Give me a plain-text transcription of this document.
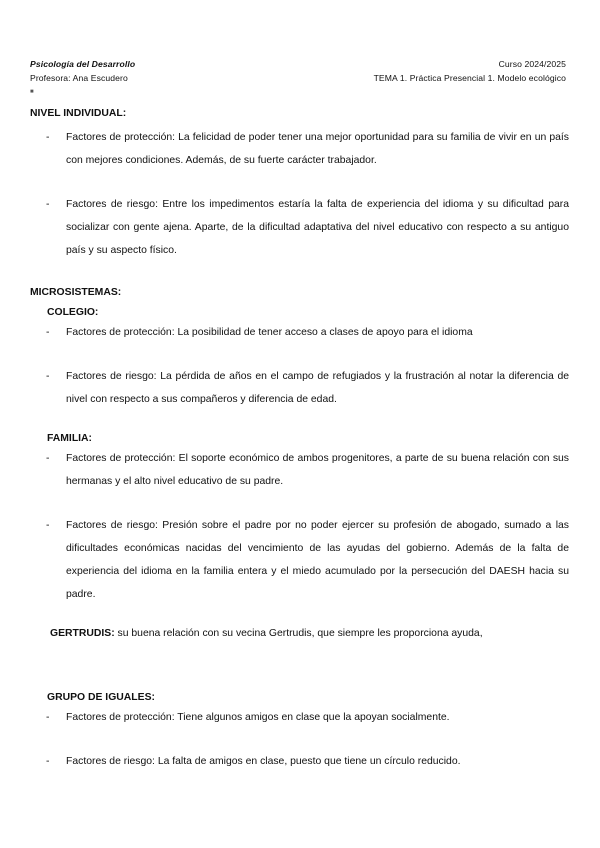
Psicología del Desarrollo
Profesora: Ana Escudero
Curso 2024/2025
TEMA 1. Práctica Presencial 1. Modelo ecológico
■
NIVEL INDIVIDUAL:
- Factores de protección: La felicidad de poder tener una mejor oportunidad para su familia de vivir en un país con mejores condiciones. Además, de su fuerte carácter trabajador.
- Factores de riesgo: Entre los impedimentos estaría la falta de experiencia del idioma y su dificultad para socializar con gente ajena. Aparte, de la dificultad adaptativa del nivel educativo con respecto a su antiguo país y su aspecto físico.
MICROSISTEMAS:
COLEGIO:
- Factores de protección: La posibilidad de tener acceso a clases de apoyo para el idioma
- Factores de riesgo: La pérdida de años en el campo de refugiados y la frustración al notar la diferencia de nivel con respecto a sus compañeros y diferencia de edad.
FAMILIA:
- Factores de protección: El soporte económico de ambos progenitores, a parte de su buena relación con sus hermanas y el alto nivel educativo de su padre.
- Factores de riesgo: Presión sobre el padre por no poder ejercer su profesión de abogado, sumado a las dificultades económicas nacidas del vencimiento de las ayudas del gobierno. Además de la falta de experiencia del idioma en la familia entera y el miedo acumulado por la persecución del DAESH hacia su padre.
GERTRUDIS: su buena relación con su vecina Gertrudis, que siempre les proporciona ayuda,
GRUPO DE IGUALES:
- Factores de protección: Tiene algunos amigos en clase que la apoyan socialmente.
- Factores de riesgo: La falta de amigos en clase, puesto que tiene un círculo reducido.
